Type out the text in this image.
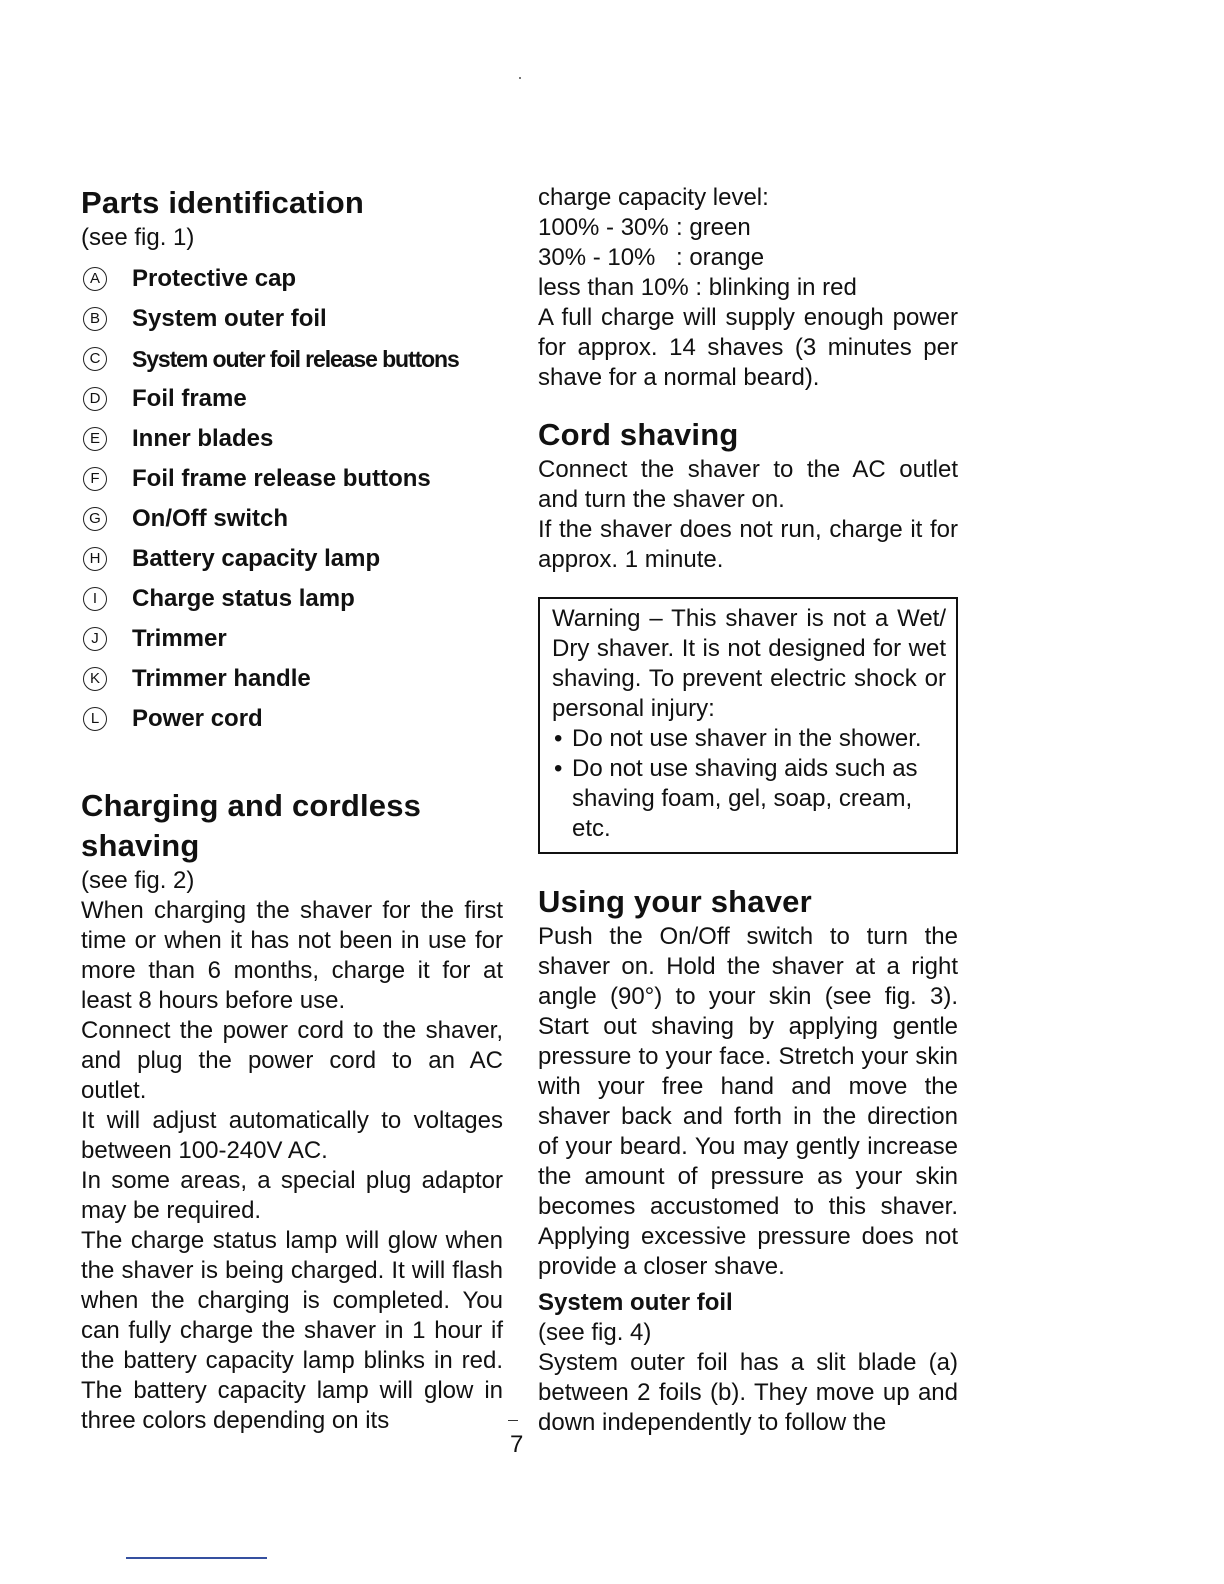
Parts identification

(see fig. 1)

A Protective cap
B System outer foil
C System outer foil release buttons
D Foil frame
E Inner blades
F	Foil frame release buttons
G On/Off switch
H Battery capacity lamp
I	Charge status lamp
J	Trimmer
K Trimmer handle
L	Power cord
Charging and cordless shaving

(see fig. 2)

When charging the shaver for the first time or when it has not been in use for more than 6 months, charge it for at least 8 hours before use.

Connect the power cord to the shaver, and plug the power cord to an AC outlet.

It will adjust automatically to voltages between 100-240V AC.

In some areas, a special plug adaptor may be required.

The charge status lamp will glow when the shaver is being charged. It will flash when the charging is completed. You can fully charge the shaver in 1 hour if the battery capacity lamp blinks in red. The battery capacity lamp will glow in three colors depending on its

charge capacity level:

100% - 30% : green
30% - 10% : orange

less than 10% : blinking in red

A full charge will supply enough power for approx. 14 shaves (3 minutes per shave for a normal beard).

Cord shaving

Connect the shaver to the AC outlet and turn the shaver on.

If the shaver does not run, charge it for approx. 1 minute.

Warning – This shaver is not a Wet/ Dry shaver. It is not designed for wet shaving. To prevent electric shock or personal injury:

• Do not use shaver in the shower.
• Do not use shaving aids such as shaving foam, gel, soap, cream, etc.
Using your shaver

Push the On/Off switch to turn the shaver on. Hold the shaver at a right angle (90°) to your skin (see fig. 3). Start out shaving by applying gentle pressure to your face. Stretch your skin with your free hand and move the shaver back and forth in the direction of your beard. You may gently increase the amount of pressure as your skin becomes accustomed to this shaver. Applying excessive pressure does not provide a closer shave.

System outer foil

(see fig. 4)

System outer foil has a slit blade (a) between 2 foils (b). They move up and down independently to follow the

7
